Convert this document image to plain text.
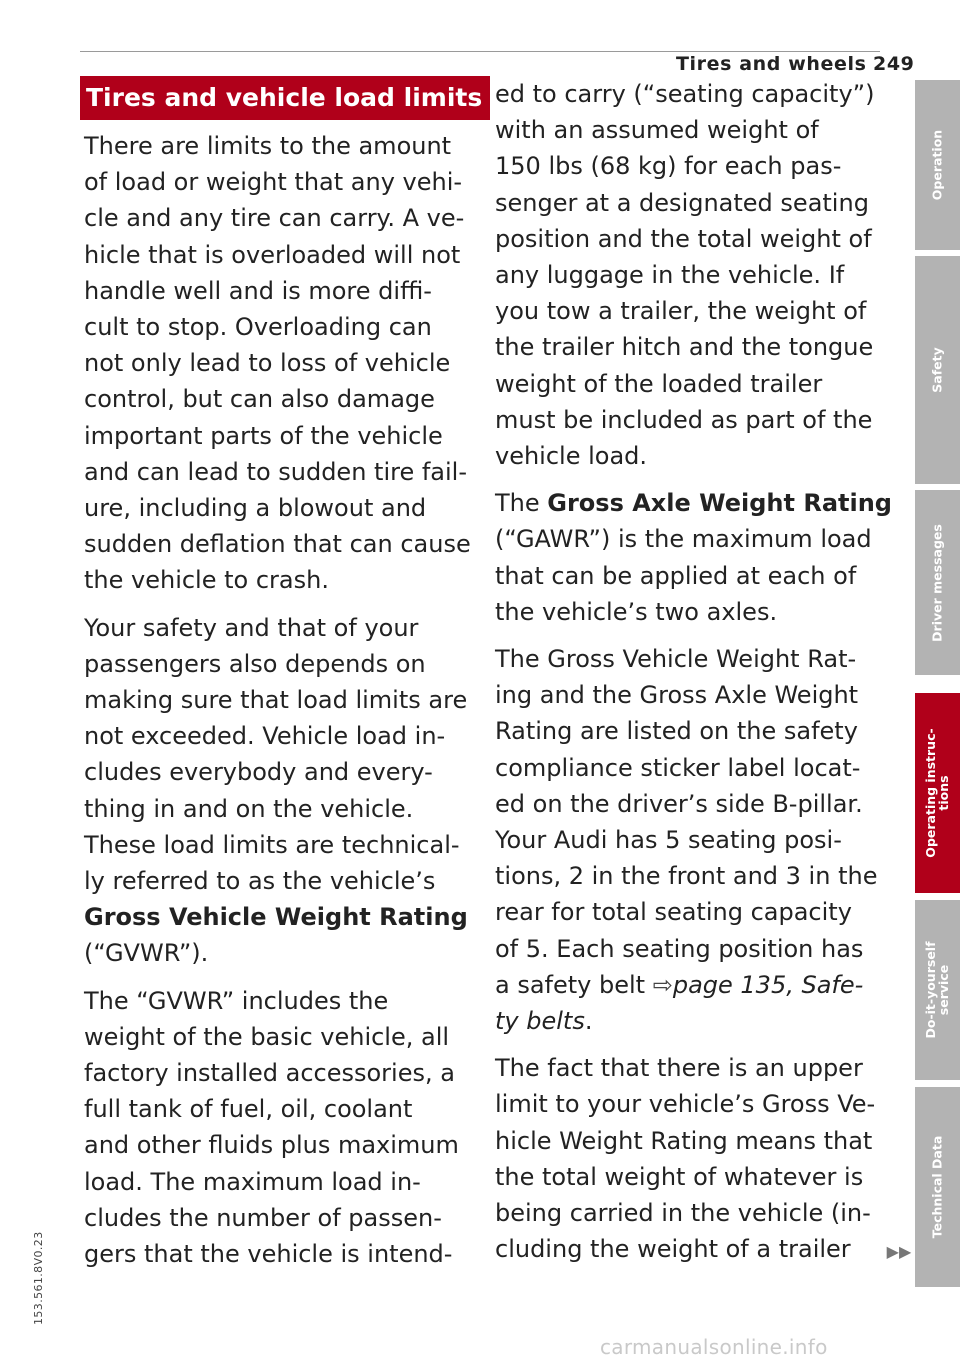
Tires and wheels 249
Tires and vehicle load limits
There are limits to the amount
of load or weight that any vehi-
cle and any tire can carry. A ve-
hicle that is overloaded will not
handle well and is more diffi-
cult to stop. Overloading can
not only lead to loss of vehicle
control, but can also damage
important parts of the vehicle
and can lead to sudden tire fail-
ure, including a blowout and
sudden deflation that can cause
the vehicle to crash.
Your safety and that of your
passengers also depends on
making sure that load limits are
not exceeded. Vehicle load in-
cludes everybody and every-
thing in and on the vehicle.
These load limits are technical-
ly referred to as the vehicle’s
Gross Vehicle Weight Rating
(“GVWR”).
The “GVWR” includes the
weight of the basic vehicle, all
factory installed accessories, a
full tank of fuel, oil, coolant
and other fluids plus maximum
load. The maximum load in-
cludes the number of passen-
gers that the vehicle is intend-
ed to carry (“seating capacity”)
with an assumed weight of
150 lbs (68 kg) for each pas-
senger at a designated seating
position and the total weight of
any luggage in the vehicle. If
you tow a trailer, the weight of
the trailer hitch and the tongue
weight of the loaded trailer
must be included as part of the
vehicle load.
The Gross Axle Weight Rating
(“GAWR”) is the maximum load
that can be applied at each of
the vehicle’s two axles.
The Gross Vehicle Weight Rat-
ing and the Gross Axle Weight
Rating are listed on the safety
compliance sticker label locat-
ed on the driver’s side B-pillar.
Your Audi has 5 seating posi-
tions, 2 in the front and 3 in the
rear for total seating capacity
of 5. Each seating position has
a safety belt ⇨page 135, Safe-
ty belts.
The fact that there is an upper
limit to your vehicle’s Gross Ve-
hicle Weight Rating means that
the total weight of whatever is
being carried in the vehicle (in-
cluding the weight of a trailer ▶▶
Operation
Safety
Driver messages
Operating instruc-
tions
Do-it-yourself
service
Technical Data
153.561.8V0.23
carmanualsonline.info
